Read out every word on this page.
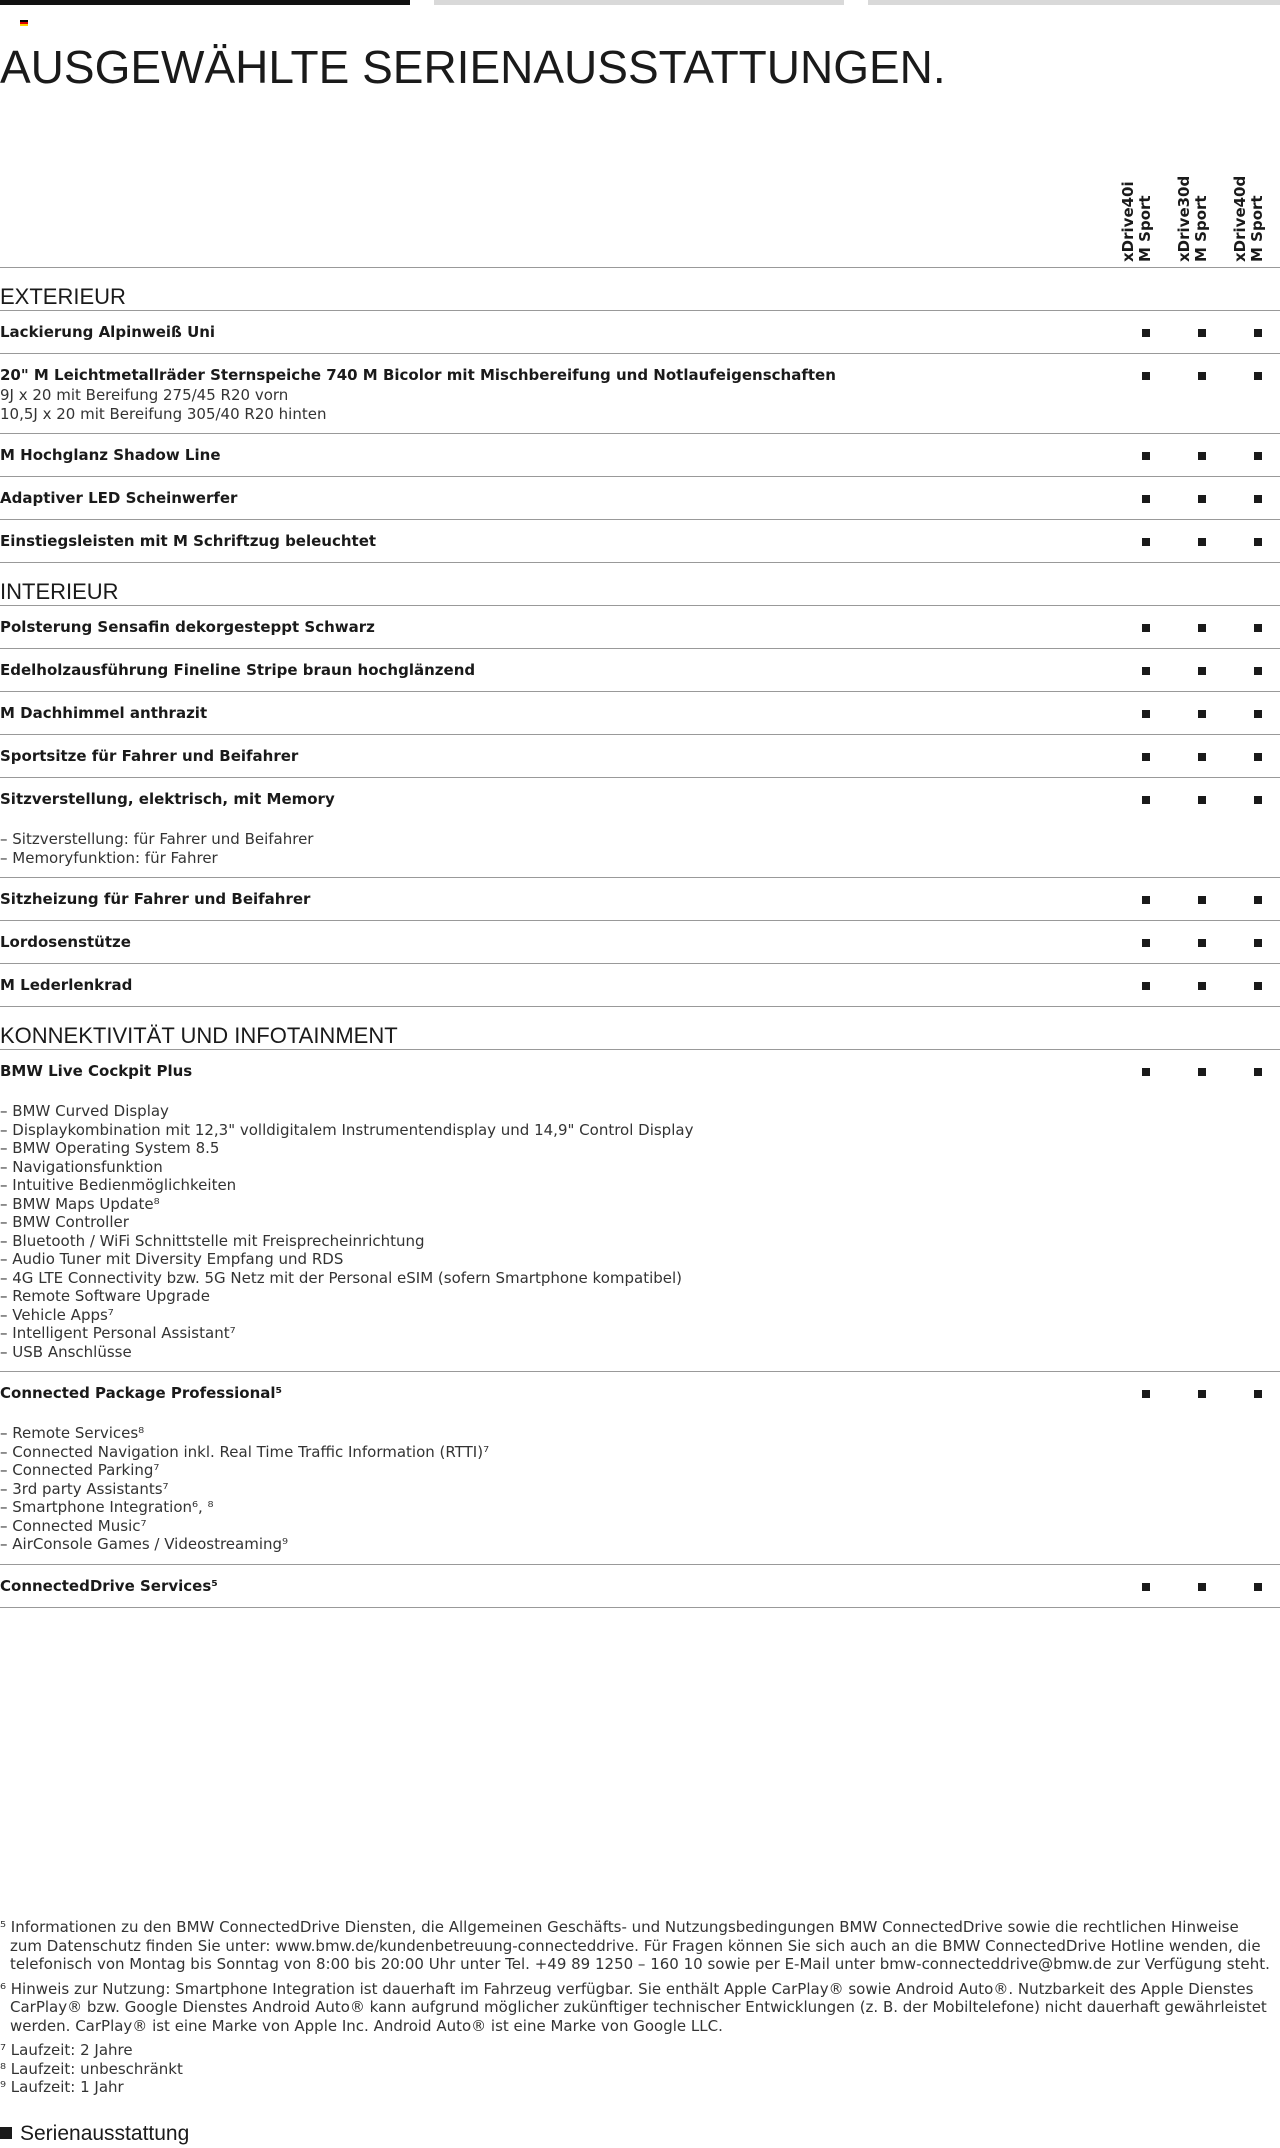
AUSGEWÄHLTE SERIENAUSSTATTUNGEN.
xDrive40i M Sport xDrive30d M Sport xDrive40d M Sport
EXTERIEUR
Lackierung Alpinweiß Uni
20" M Leichtmetallräder Sternspeiche 740 M Bicolor mit Mischbereifung und Notlaufeigenschaften
9J x 20 mit Bereifung 275/45 R20 vorn
10,5J x 20 mit Bereifung 305/40 R20 hinten
M Hochglanz Shadow Line
Adaptiver LED Scheinwerfer
Einstiegsleisten mit M Schriftzug beleuchtet
INTERIEUR
Polsterung Sensafin dekorgesteppt Schwarz
Edelholzausführung Fineline Stripe braun hochglänzend
M Dachhimmel anthrazit
Sportsitze für Fahrer und Beifahrer
Sitzverstellung, elektrisch, mit Memory
– Sitzverstellung: für Fahrer und Beifahrer
– Memoryfunktion: für Fahrer
Sitzheizung für Fahrer und Beifahrer
Lordosenstütze
M Lederlenkrad
KONNEKTIVITÄT UND INFOTAINMENT
BMW Live Cockpit Plus
– BMW Curved Display
– Displaykombination mit 12,3" volldigitalem Instrumentendisplay und 14,9" Control Display
– BMW Operating System 8.5
– Navigationsfunktion
– Intuitive Bedienmöglichkeiten
– BMW Maps Update⁸
– BMW Controller
– Bluetooth / WiFi Schnittstelle mit Freisprecheinrichtung
– Audio Tuner mit Diversity Empfang und RDS
– 4G LTE Connectivity bzw. 5G Netz mit der Personal eSIM (sofern Smartphone kompatibel)
– Remote Software Upgrade
– Vehicle Apps⁷
– Intelligent Personal Assistant⁷
– USB Anschlüsse
Connected Package Professional⁵
– Remote Services⁸
– Connected Navigation inkl. Real Time Traffic Information (RTTI)⁷
– Connected Parking⁷
– 3rd party Assistants⁷
– Smartphone Integration⁶, ⁸
– Connected Music⁷
– AirConsole Games / Videostreaming⁹
ConnectedDrive Services⁵

⁵ Informationen zu den BMW ConnectedDrive Diensten, die Allgemeinen Geschäfts- und Nutzungsbedingungen BMW ConnectedDrive sowie die rechtlichen Hinweise zum Datenschutz finden Sie unter: www.bmw.de/kundenbetreuung-connecteddrive. Für Fragen können Sie sich auch an die BMW ConnectedDrive Hotline wenden, die telefonisch von Montag bis Sonntag von 8:00 bis 20:00 Uhr unter Tel. +49 89 1250 – 160 10 sowie per E-Mail unter bmw-connecteddrive@bmw.de zur Verfügung steht.

⁶ Hinweis zur Nutzung: Smartphone Integration ist dauerhaft im Fahrzeug verfügbar. Sie enthält Apple CarPlay® sowie Android Auto®. Nutzbarkeit des Apple Dienstes CarPlay® bzw. Google Dienstes Android Auto® kann aufgrund möglicher zukünftiger technischer Entwicklungen (z. B. der Mobiltelefone) nicht dauerhaft gewährleistet werden. CarPlay® ist eine Marke von Apple Inc. Android Auto® ist eine Marke von Google LLC.

⁷ Laufzeit: 2 Jahre

⁸ Laufzeit: unbeschränkt

⁹ Laufzeit: 1 Jahr

Serienausstattung
